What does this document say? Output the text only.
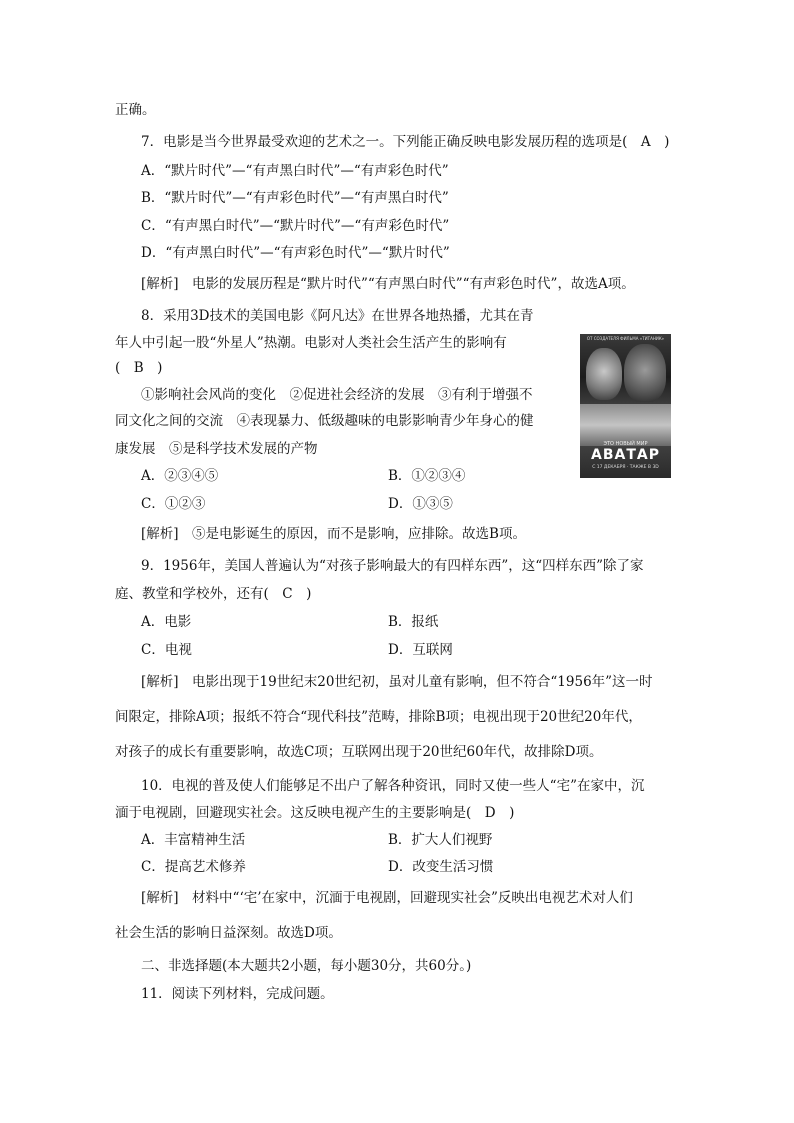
正确。
7．电影是当今世界最受欢迎的艺术之一。下列能正确反映电影发展历程的选项是(　A　)
A．“默片时代”—“有声黑白时代”—“有声彩色时代”
B．“默片时代”—“有声彩色时代”—“有声黑白时代”
C．“有声黑白时代”—“默片时代”—“有声彩色时代”
D．“有声黑白时代”—“有声彩色时代”—“默片时代”
[解析]　电影的发展历程是“默片时代”“有声黑白时代”“有声彩色时代”，故选A项。
8．采用3D技术的美国电影《阿凡达》在世界各地热播，尤其在青
年人中引起一股“外星人”热潮。电影对人类社会生活产生的影响有
(　B　)
①影响社会风尚的变化　②促进社会经济的发展　③有利于增强不
同文化之间的交流　④表现暴力、低级趣味的电影影响青少年身心的健
康发展　⑤是科学技术发展的产物
A．②③④⑤	B．①②③④
C．①②③	D．①③⑤
[解析]　⑤是电影诞生的原因，而不是影响，应排除。故选B项。
ОТ СОЗДАТЕЛЯ ФИЛЬМА «ТИТАНИК»
ЭТО НОВЫЙ МИР
АВАТАР
С 17 ДЕКАБРЯ · ТАКЖЕ В 3D
9．1956年，美国人普遍认为“对孩子影响最大的有四样东西”，这“四样东西”除了家
庭、教堂和学校外，还有(　C　)
A．电影	B．报纸
C．电视	D．互联网
[解析]　电影出现于19世纪末20世纪初，虽对儿童有影响，但不符合“1956年”这一时
间限定，排除A项；报纸不符合“现代科技”范畴，排除B项；电视出现于20世纪20年代，
对孩子的成长有重要影响，故选C项；互联网出现于20世纪60年代，故排除D项。
10．电视的普及使人们能够足不出户了解各种资讯，同时又使一些人“宅”在家中，沉
湎于电视剧，回避现实社会。这反映电视产生的主要影响是(　D　)
A．丰富精神生活	B．扩大人们视野
C．提高艺术修养	D．改变生活习惯
[解析]　材料中“‘宅’在家中，沉湎于电视剧，回避现实社会”反映出电视艺术对人们
社会生活的影响日益深刻。故选D项。
二、非选择题(本大题共2小题，每小题30分，共60分。)
11．阅读下列材料，完成问题。
